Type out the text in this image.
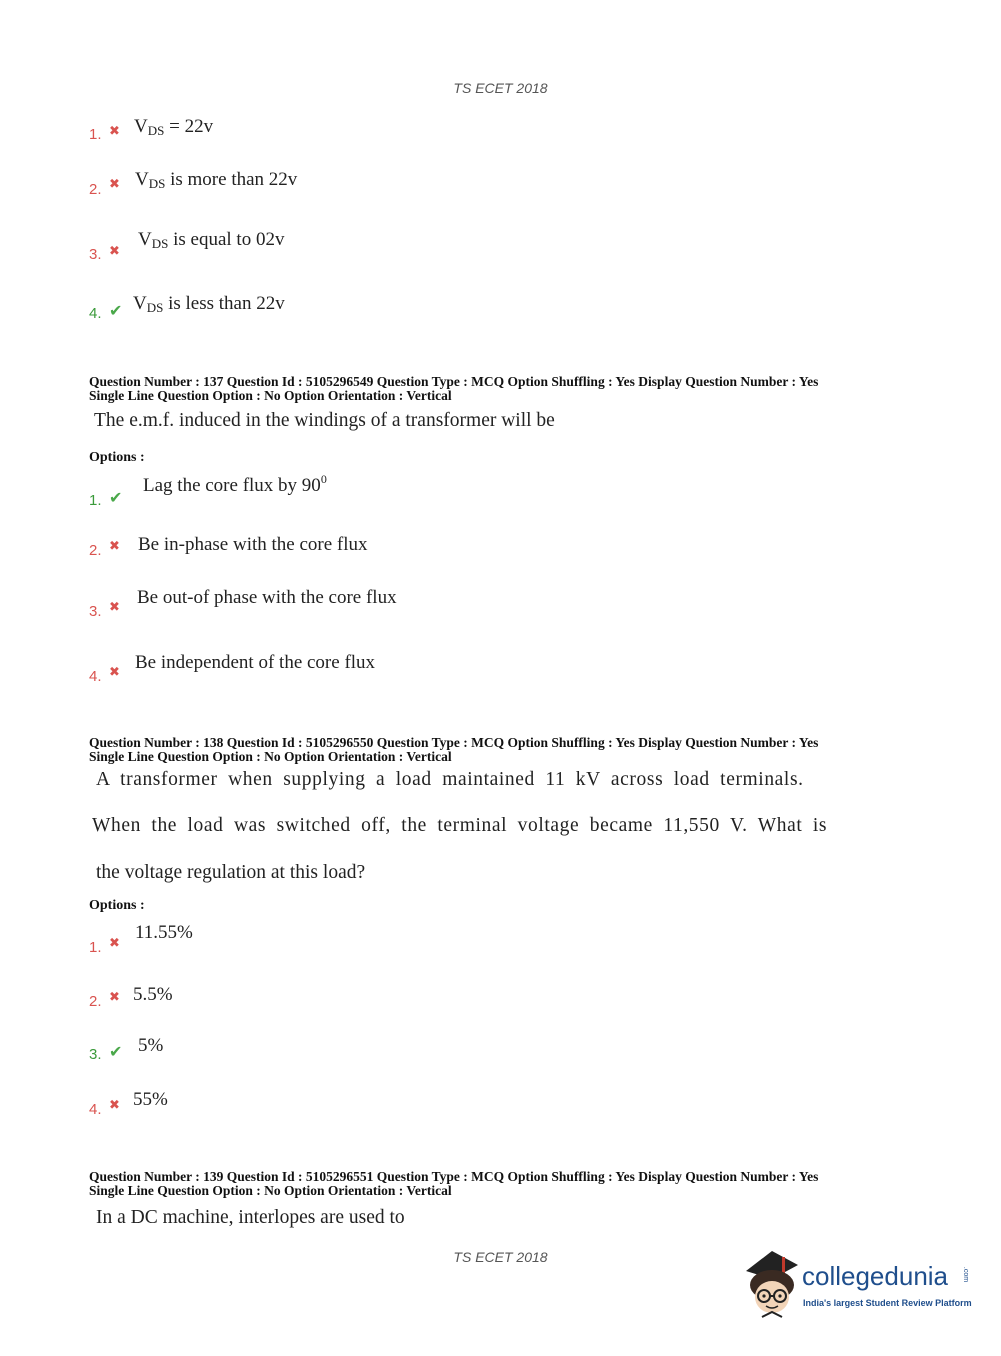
TS ECET 2018
1. ✖ $V_{DS} = 22v$
2. ✖ $V_{DS}$ is more than 22v
3. ✖
$V_{DS}$ is equal to 02v
4. ✔ $V_{DS}$ is less than 22v
Question Number : 137 Question Id : 5105296549 Question Type : MCQ Option Shuffling : Yes Display Question Number : Yes
Single Line Question Option : No Option Orientation : Vertical
The e.m.f. induced in the windings of a transformer will be
Options :
1. ✔
Lag the core flux by $90^0$
2. ✖ Be in-phase with the core flux
3. ✖ Be out-of phase with the core flux
4. ✖ Be independent of the core flux
Question Number : 138 Question Id : 5105296550 Question Type : MCQ Option Shuffling : Yes Display Question Number : Yes
Single Line Question Option : No Option Orientation : Vertical
A transformer when supplying a load maintained 11 kV across load terminals.
When the load was switched off, the terminal voltage became 11,550 V. What is
the voltage regulation at this load?
Options :
1. ✖
11.55%
2. ✖ 5.5%
3. ✔ 5%
4. ✖ 55%
Question Number : 139 Question Id : 5105296551 Question Type : MCQ Option Shuffling : Yes Display Question Number : Yes
Single Line Question Option : No Option Orientation : Vertical
In a DC machine, interlopes are used to
TS ECET 2018
collegedunia .com
India's largest Student Review Platform
